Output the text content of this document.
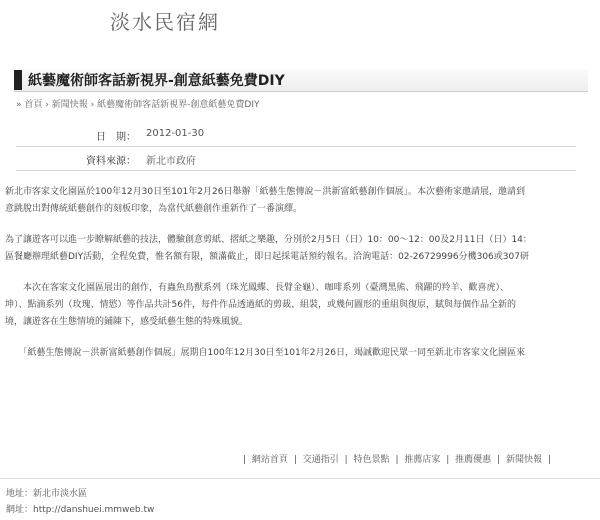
淡水民宿網
紙藝魔術師客話新視界-創意紙藝免費DIY
» 首頁 › 新聞快報 › 紙藝魔術師客話新視界-創意紙藝免費DIY
日　期： 2012-01-30
資料來源： 新北市政府
新北市客家文化園區於100年12月30日至101年2月26日舉辦「紙藝生態傳說－洪新富紙藝創作個展」。本次藝術家邀請展，邀請到
意跳脫出對傳統紙藝創作的刻板印象，為當代紙藝創作重新作了一番演繹。
為了讓遊客可以進一步瞭解紙藝的技法，體驗創意剪紙、摺紙之樂趣，分別於2月5日（日）10：00～12：00及2月11日（日）14：
區餐廳辦理紙藝DIY活動，全程免費，惟名額有限，額滿截止，即日起採電話預約報名。洽詢電話：02-26729996分機306或307研
　　本次在客家文化園區展出的創作，有蟲魚鳥獸系列（珠光鳳蝶、長臂金龜）、咖啡系列（臺灣黑熊、飛躍的羚羊、歡喜虎）、
坤）、點滴系列（玫瑰、情慾）等作品共計56件，每件作品透過紙的剪裁、組裝，或幾何圖形的重組與復原，賦與每個作品全新的
境，讓遊客在生態情境的鋪陳下，感受紙藝生態的特殊風貌。
　　「紙藝生態傳說－洪新富紙藝創作個展」展期自100年12月30日至101年2月26日，竭誠歡迎民眾一同至新北市客家文化園區來
| 網站首頁 | 交通指引 | 特色景點 | 推薦店家 | 推薦優惠 | 新聞快報 |
地址：新北市淡水區
網址：http://danshuei.mmweb.tw
